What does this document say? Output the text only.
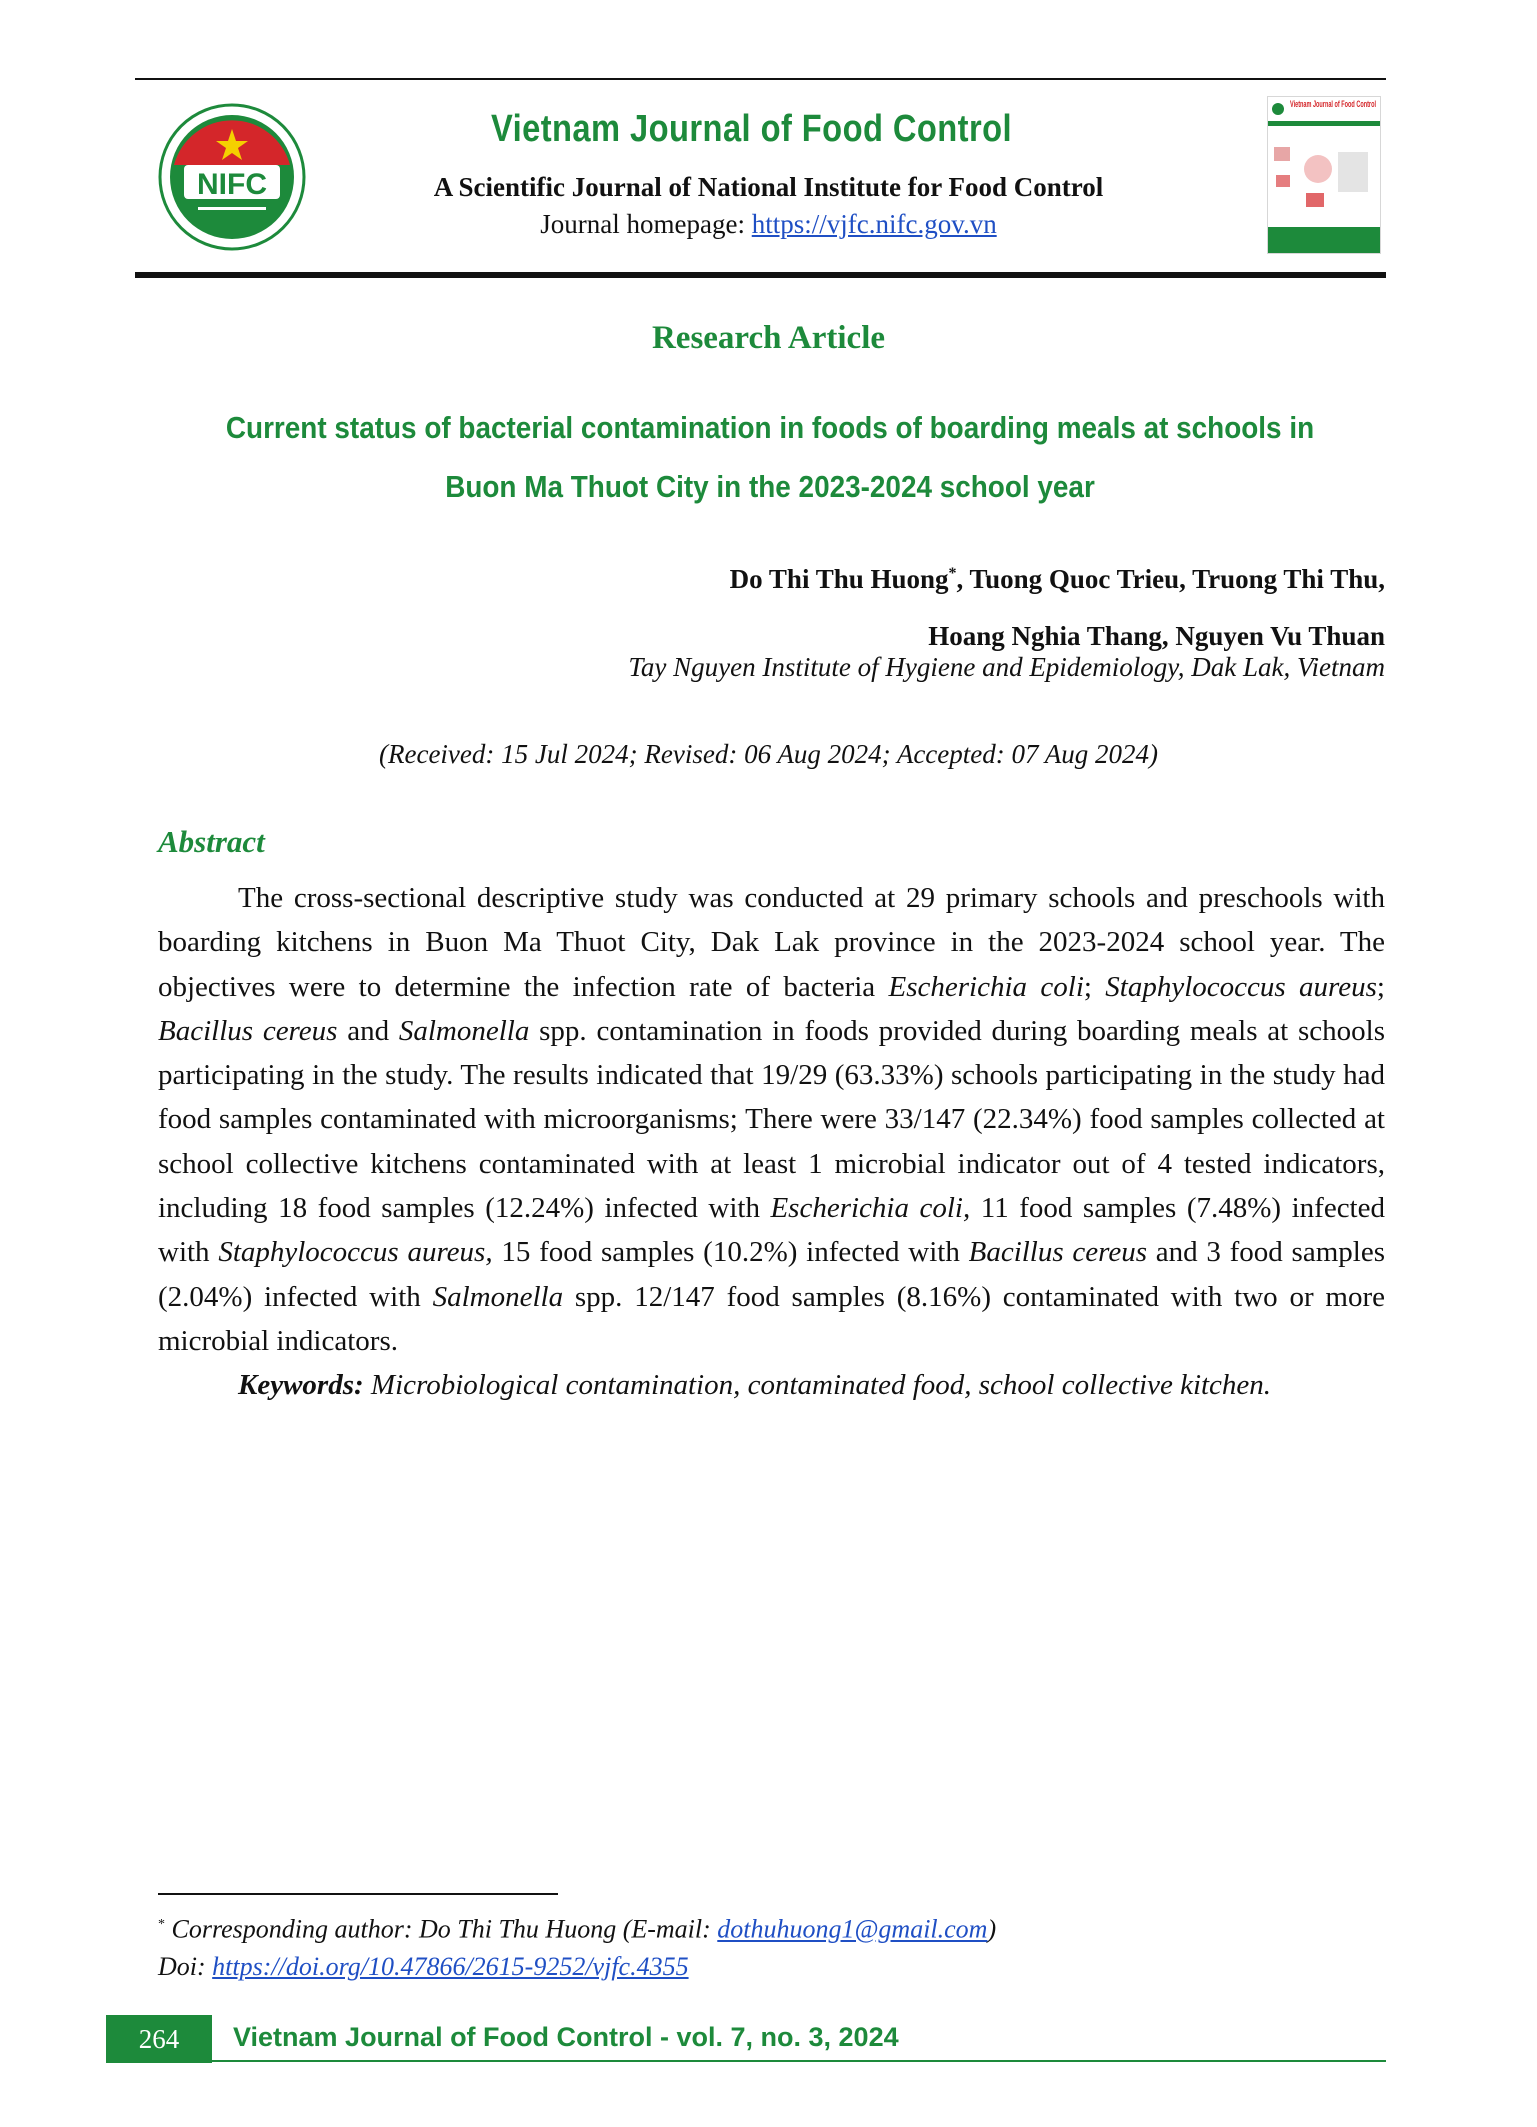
NIFC
Vietnam Journal of Food Control
A Scientific Journal of National Institute for Food Control
Journal homepage: https://vjfc.nifc.gov.vn
Vietnam Journal of Food Control
Research Article
Current status of bacterial contamination in foods of boarding meals at schools in
Buon Ma Thuot City in the 2023-2024 school year
Do Thi Thu Huong*, Tuong Quoc Trieu, Truong Thi Thu,
Hoang Nghia Thang, Nguyen Vu Thuan
Tay Nguyen Institute of Hygiene and Epidemiology, Dak Lak, Vietnam
(Received: 15 Jul 2024; Revised: 06 Aug 2024; Accepted: 07 Aug 2024)
Abstract

The cross-sectional descriptive study was conducted at 29 primary schools and preschools with boarding kitchens in Buon Ma Thuot City, Dak Lak province in the 2023-2024 school year. The objectives were to determine the infection rate of bacteria Escherichia coli; Staphylococcus aureus; Bacillus cereus and Salmonella spp. contamination in foods provided during boarding meals at schools participating in the study. The results indicated that 19/29 (63.33%) schools participating in the study had food samples contaminated with microorganisms; There were 33/147 (22.34%) food samples collected at school collective kitchens contaminated with at least 1 microbial indicator out of 4 tested indicators, including 18 food samples (12.24%) infected with Escherichia coli, 11 food samples (7.48%) infected with Staphylococcus aureus, 15 food samples (10.2%) infected with Bacillus cereus and 3 food samples (2.04%) infected with Salmonella spp. 12/147 food samples (8.16%) contaminated with two or more microbial indicators.

Keywords: Microbiological contamination, contaminated food, school collective kitchen.

* Corresponding author: Do Thi Thu Huong (E-mail: dothuhuong1@gmail.com)
Doi: https://doi.org/10.47866/2615-9252/vjfc.4355
264	Vietnam Journal of Food Control - vol. 7, no. 3, 2024
